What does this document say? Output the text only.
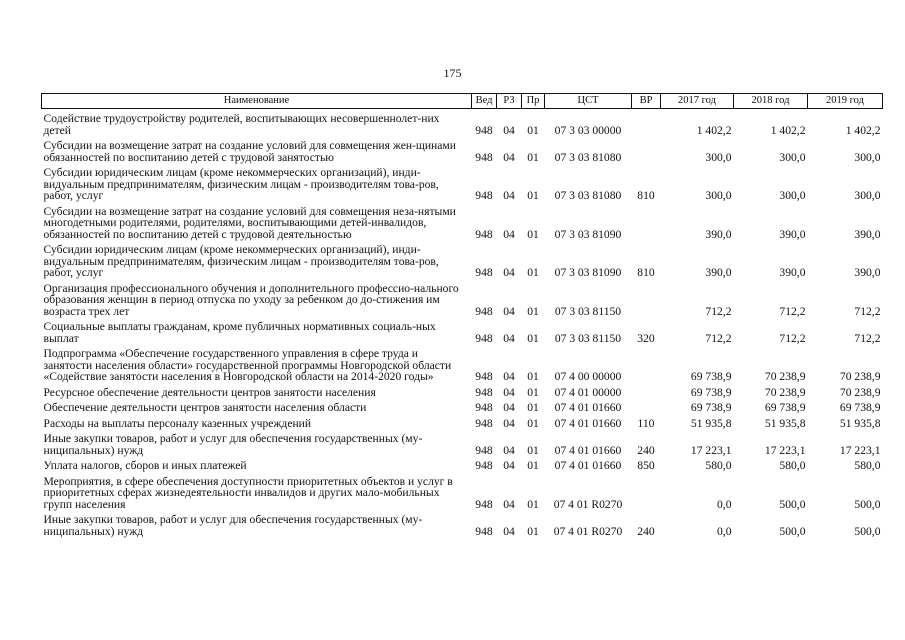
175
Наименование	Вед	РЗ	Пр	ЦСТ	ВР	2017 год	2018 год	2019 год
Содействие трудоустройству родителей, воспитывающих несовершеннолет-них детей	948	04	01	07 3 03 00000		1 402,2	1 402,2	1 402,2
Субсидии на возмещение затрат на создание условий для совмещения жен-щинами обязанностей по воспитанию детей с трудовой занятостью	948	04	01	07 3 03 81080		300,0	300,0	300,0
Субсидии юридическим лицам (кроме некоммерческих организаций), инди-видуальным предпринимателям, физическим лицам - производителям това-ров, работ, услуг	948	04	01	07 3 03 81080	810	300,0	300,0	300,0
Субсидии на возмещение затрат на создание условий для совмещения неза-нятыми многодетными родителями, родителями, воспитывающими детей-инвалидов, обязанностей по воспитанию детей с трудовой деятельностью	948	04	01	07 3 03 81090		390,0	390,0	390,0
Субсидии юридическим лицам (кроме некоммерческих организаций), инди-видуальным предпринимателям, физическим лицам - производителям това-ров, работ, услуг	948	04	01	07 3 03 81090	810	390,0	390,0	390,0
Организация профессионального обучения и дополнительного профессио-нального образования женщин в период отпуска по уходу за ребенком до до-стижения им возраста трех лет	948	04	01	07 3 03 81150		712,2	712,2	712,2
Социальные выплаты гражданам, кроме публичных нормативных социаль-ных выплат	948	04	01	07 3 03 81150	320	712,2	712,2	712,2
Подпрограмма «Обеспечение государственного управления в сфере труда и занятости населения области» государственной программы Новгородской области «Содействие занятости населения в Новгородской области на 2014-2020 годы»	948	04	01	07 4 00 00000		69 738,9	70 238,9	70 238,9
Ресурсное обеспечение деятельности центров занятости населения	948	04	01	07 4 01 00000		69 738,9	70 238,9	70 238,9
Обеспечение деятельности центров занятости населения области	948	04	01	07 4 01 01660		69 738,9	69 738,9	69 738,9
Расходы на выплаты персоналу казенных учреждений	948	04	01	07 4 01 01660	110	51 935,8	51 935,8	51 935,8
Иные закупки товаров, работ и услуг для обеспечения государственных (му-ниципальных) нужд	948	04	01	07 4 01 01660	240	17 223,1	17 223,1	17 223,1
Уплата налогов, сборов и иных платежей	948	04	01	07 4 01 01660	850	580,0	580,0	580,0
Мероприятия, в сфере обеспечения доступности приоритетных объектов и услуг в приоритетных сферах жизнедеятельности инвалидов и других мало-мобильных групп населения	948	04	01	07 4 01 R0270		0,0	500,0	500,0
Иные закупки товаров, работ и услуг для обеспечения государственных (му-ниципальных) нужд	948	04	01	07 4 01 R0270	240	0,0	500,0	500,0
